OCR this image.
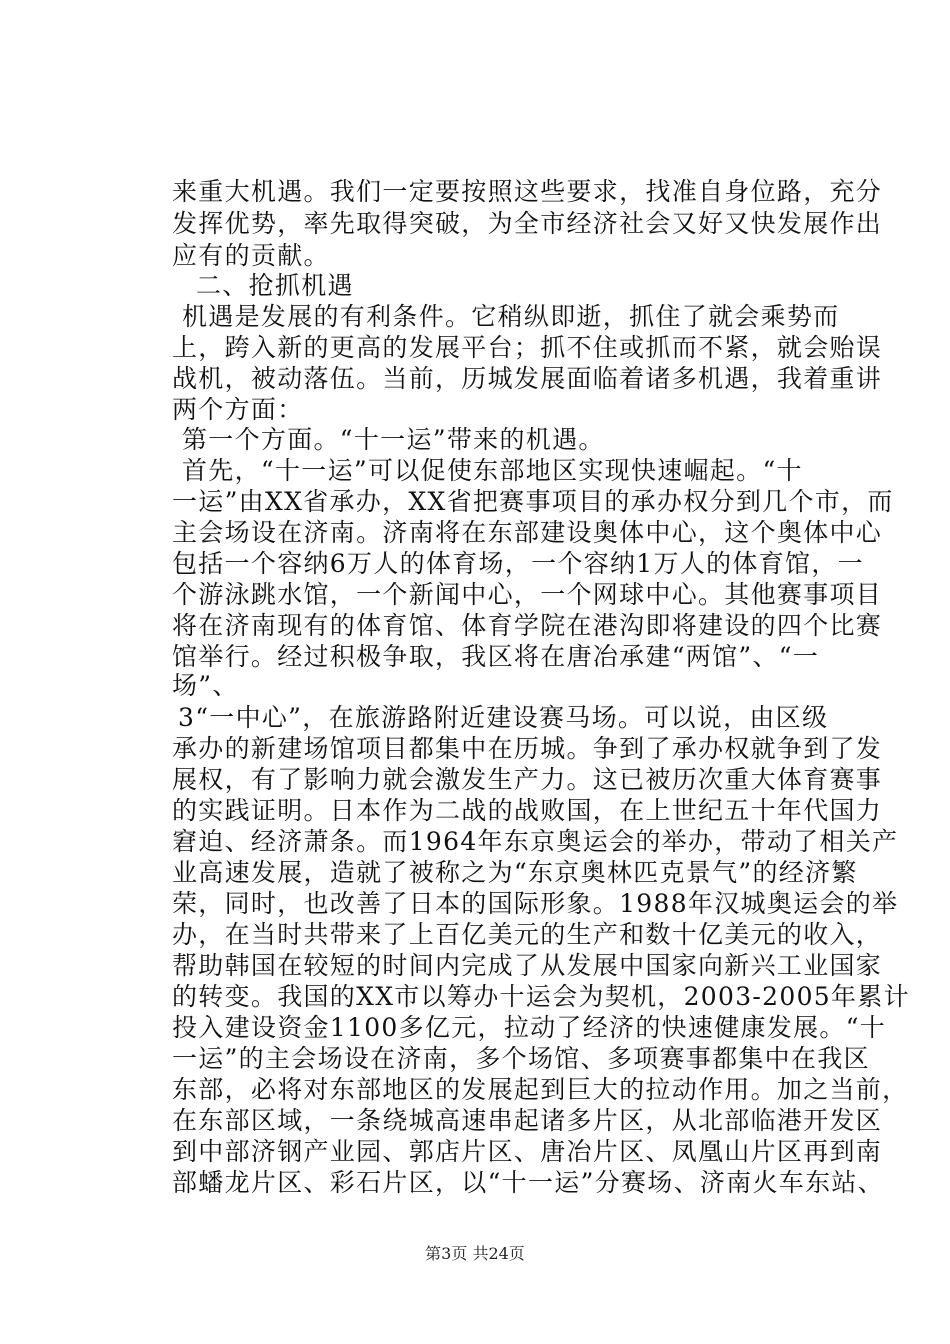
来重大机遇。我们一定要按照这些要求，找准自身位路，充分
发挥优势，率先取得突破，为全市经济社会又好又快发展作出
应有的贡献。
二、抢抓机遇
机遇是发展的有利条件。它稍纵即逝，抓住了就会乘势而
上，跨入新的更高的发展平台；抓不住或抓而不紧，就会贻误
战机，被动落伍。当前，历城发展面临着诸多机遇，我着重讲
两个方面：
第一个方面。“十一运”带来的机遇。
首先，“十一运”可以促使东部地区实现快速崛起。“十
一运”由XX省承办，XX省把赛事项目的承办权分到几个市，而
主会场设在济南。济南将在东部建设奥体中心，这个奥体中心
包括一个容纳6万人的体育场，一个容纳1万人的体育馆，一
个游泳跳水馆，一个新闻中心，一个网球中心。其他赛事项目
将在济南现有的体育馆、体育学院在港沟即将建设的四个比赛
馆举行。经过积极争取，我区将在唐冶承建“两馆”、“一
场”、
3“一中心”，在旅游路附近建设赛马场。可以说，由区级
承办的新建场馆项目都集中在历城。争到了承办权就争到了发
展权，有了影响力就会激发生产力。这已被历次重大体育赛事
的实践证明。日本作为二战的战败国，在上世纪五十年代国力
窘迫、经济萧条。而1964年东京奥运会的举办，带动了相关产
业高速发展，造就了被称之为“东京奥林匹克景气”的经济繁
荣，同时，也改善了日本的国际形象。1988年汉城奥运会的举
办，在当时共带来了上百亿美元的生产和数十亿美元的收入，
帮助韩国在较短的时间内完成了从发展中国家向新兴工业国家
的转变。我国的XX市以筹办十运会为契机，2003-2005年累计
投入建设资金1100多亿元，拉动了经济的快速健康发展。“十
一运”的主会场设在济南，多个场馆、多项赛事都集中在我区
东部，必将对东部地区的发展起到巨大的拉动作用。加之当前，
在东部区域，一条绕城高速串起诸多片区，从北部临港开发区
到中部济钢产业园、郭店片区、唐冶片区、凤凰山片区再到南
部蟠龙片区、彩石片区，以“十一运”分赛场、济南火车东站、
第3页 共24页
